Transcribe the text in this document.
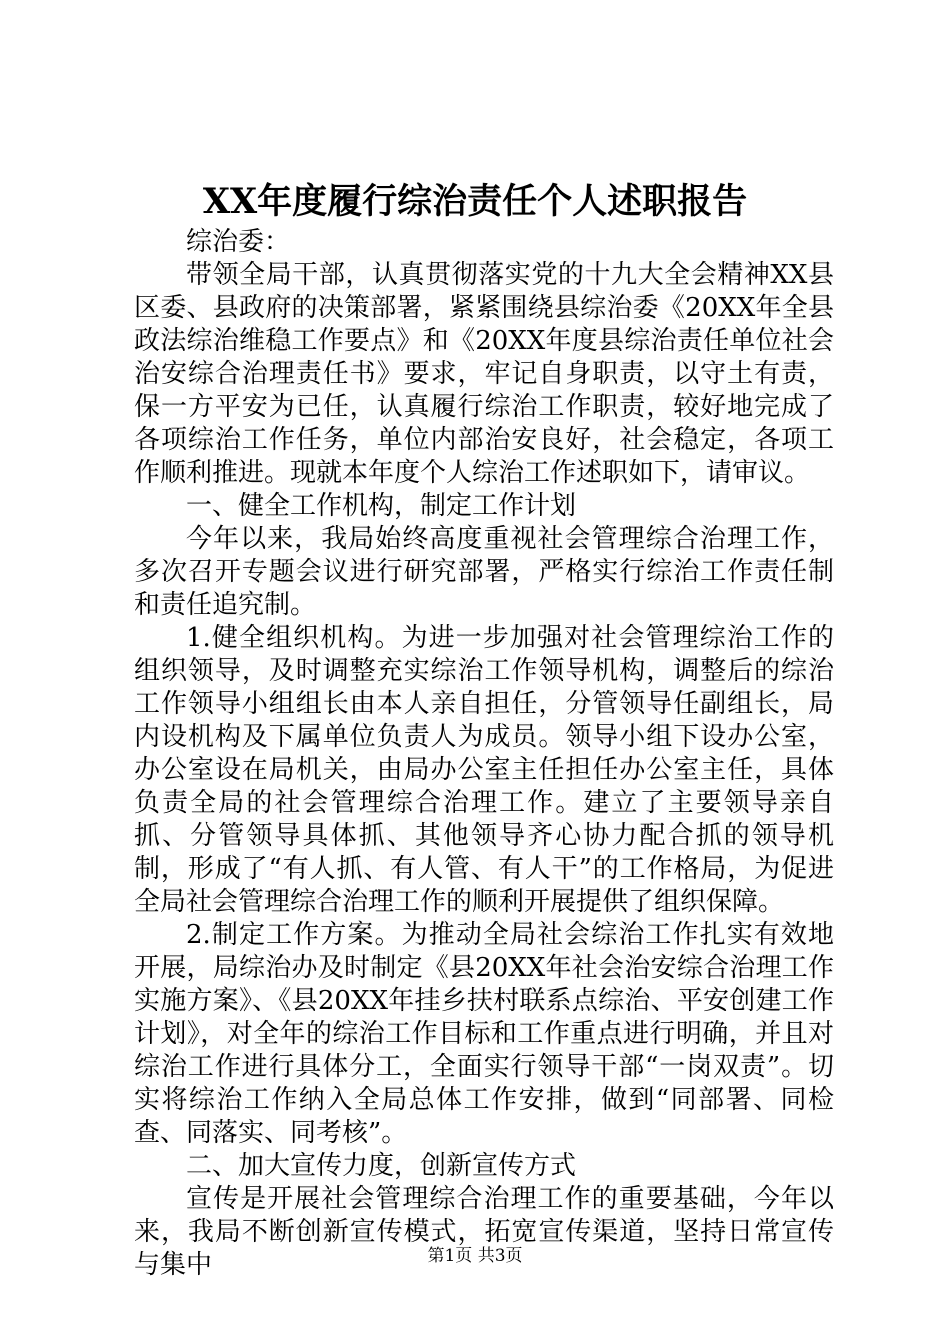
XX年度履行综治责任个人述职报告

综治委：

带领全局干部，认真贯彻落实党的十九大全会精神XX县区委、县政府的决策部署，紧紧围绕县综治委《20XX年全县政法综治维稳工作要点》和《20XX年度县综治责任单位社会治安综合治理责任书》要求，牢记自身职责，以守土有责，保一方平安为已任，认真履行综治工作职责，较好地完成了各项综治工作任务，单位内部治安良好，社会稳定，各项工作顺利推进。现就本年度个人综治工作述职如下，请审议。

一、健全工作机构，制定工作计划

今年以来，我局始终高度重视社会管理综合治理工作，多次召开专题会议进行研究部署，严格实行综治工作责任制和责任追究制。

1.健全组织机构。为进一步加强对社会管理综治工作的组织领导，及时调整充实综治工作领导机构，调整后的综治工作领导小组组长由本人亲自担任，分管领导任副组长，局内设机构及下属单位负责人为成员。领导小组下设办公室，办公室设在局机关，由局办公室主任担任办公室主任，具体负责全局的社会管理综合治理工作。建立了主要领导亲自抓、分管领导具体抓、其他领导齐心协力配合抓的领导机制，形成了“有人抓、有人管、有人干”的工作格局，为促进全局社会管理综合治理工作的顺利开展提供了组织保障。

2.制定工作方案。为推动全局社会综治工作扎实有效地开展，局综治办及时制定《县20XX年社会治安综合治理工作实施方案》、《县20XX年挂乡扶村联系点综治、平安创建工作计划》，对全年的综治工作目标和工作重点进行明确，并且对综治工作进行具体分工，全面实行领导干部“一岗双责”。切实将综治工作纳入全局总体工作安排，做到“同部署、同检查、同落实、同考核”。

二、加大宣传力度，创新宣传方式

宣传是开展社会管理综合治理工作的重要基础，今年以来，我局不断创新宣传模式，拓宽宣传渠道，坚持日常宣传与集中	第1页 共3页
